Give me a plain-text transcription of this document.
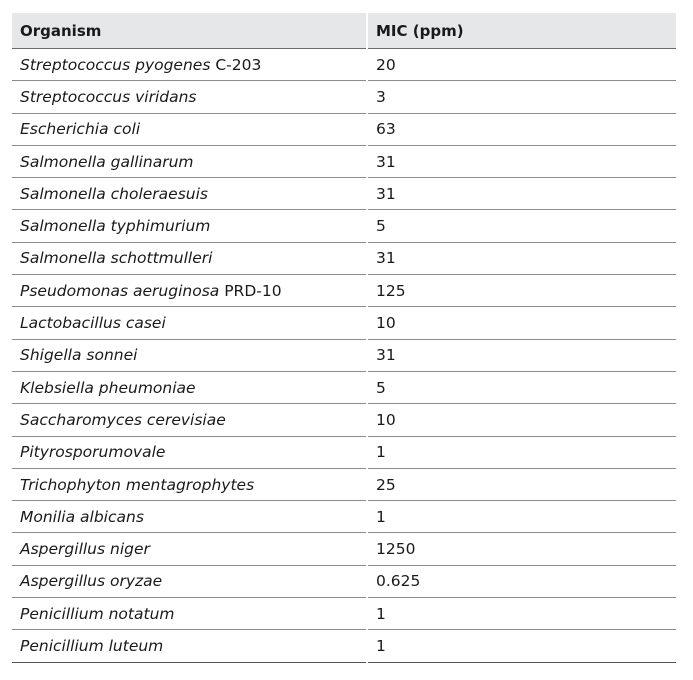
Organism	MIC (ppm)
Streptococcus pyogenes C-203	20
Streptococcus viridans	3
Escherichia coli	63
Salmonella gallinarum	31
Salmonella choleraesuis	31
Salmonella typhimurium	5
Salmonella schottmulleri	31
Pseudomonas aeruginosa PRD-10	125
Lactobacillus casei	10
Shigella sonnei	31
Klebsiella pheumoniae	5
Saccharomyces cerevisiae	10
Pityrosporumovale	1
Trichophyton mentagrophytes	25
Monilia albicans	1
Aspergillus niger	1250
Aspergillus oryzae	0.625
Penicillium notatum	1
Penicillium luteum	1
